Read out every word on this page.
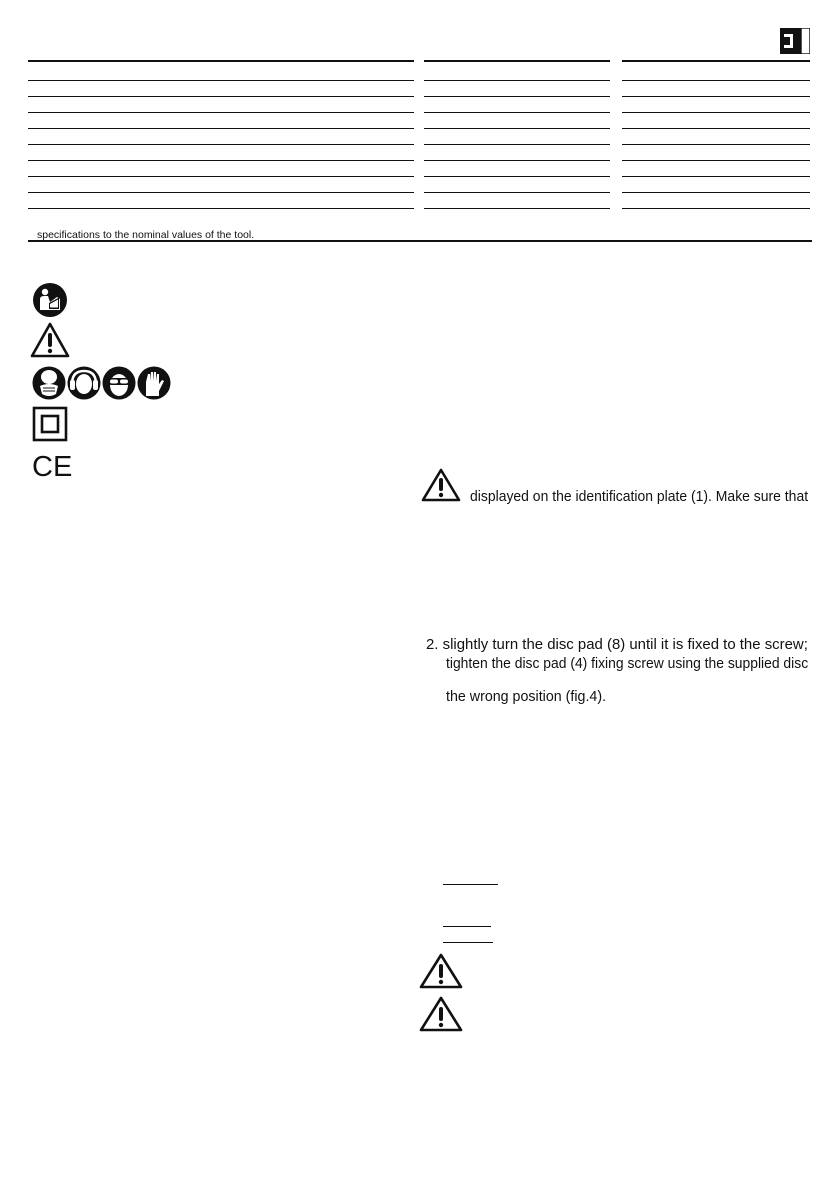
specifications to the nominal values of the tool.
CE
displayed on the identification plate (1). Make sure that
2. slightly turn the disc pad (8) until it is fixed to the screw;
tighten the disc pad (4) fixing screw using the supplied disc
the wrong position (fig.4).
